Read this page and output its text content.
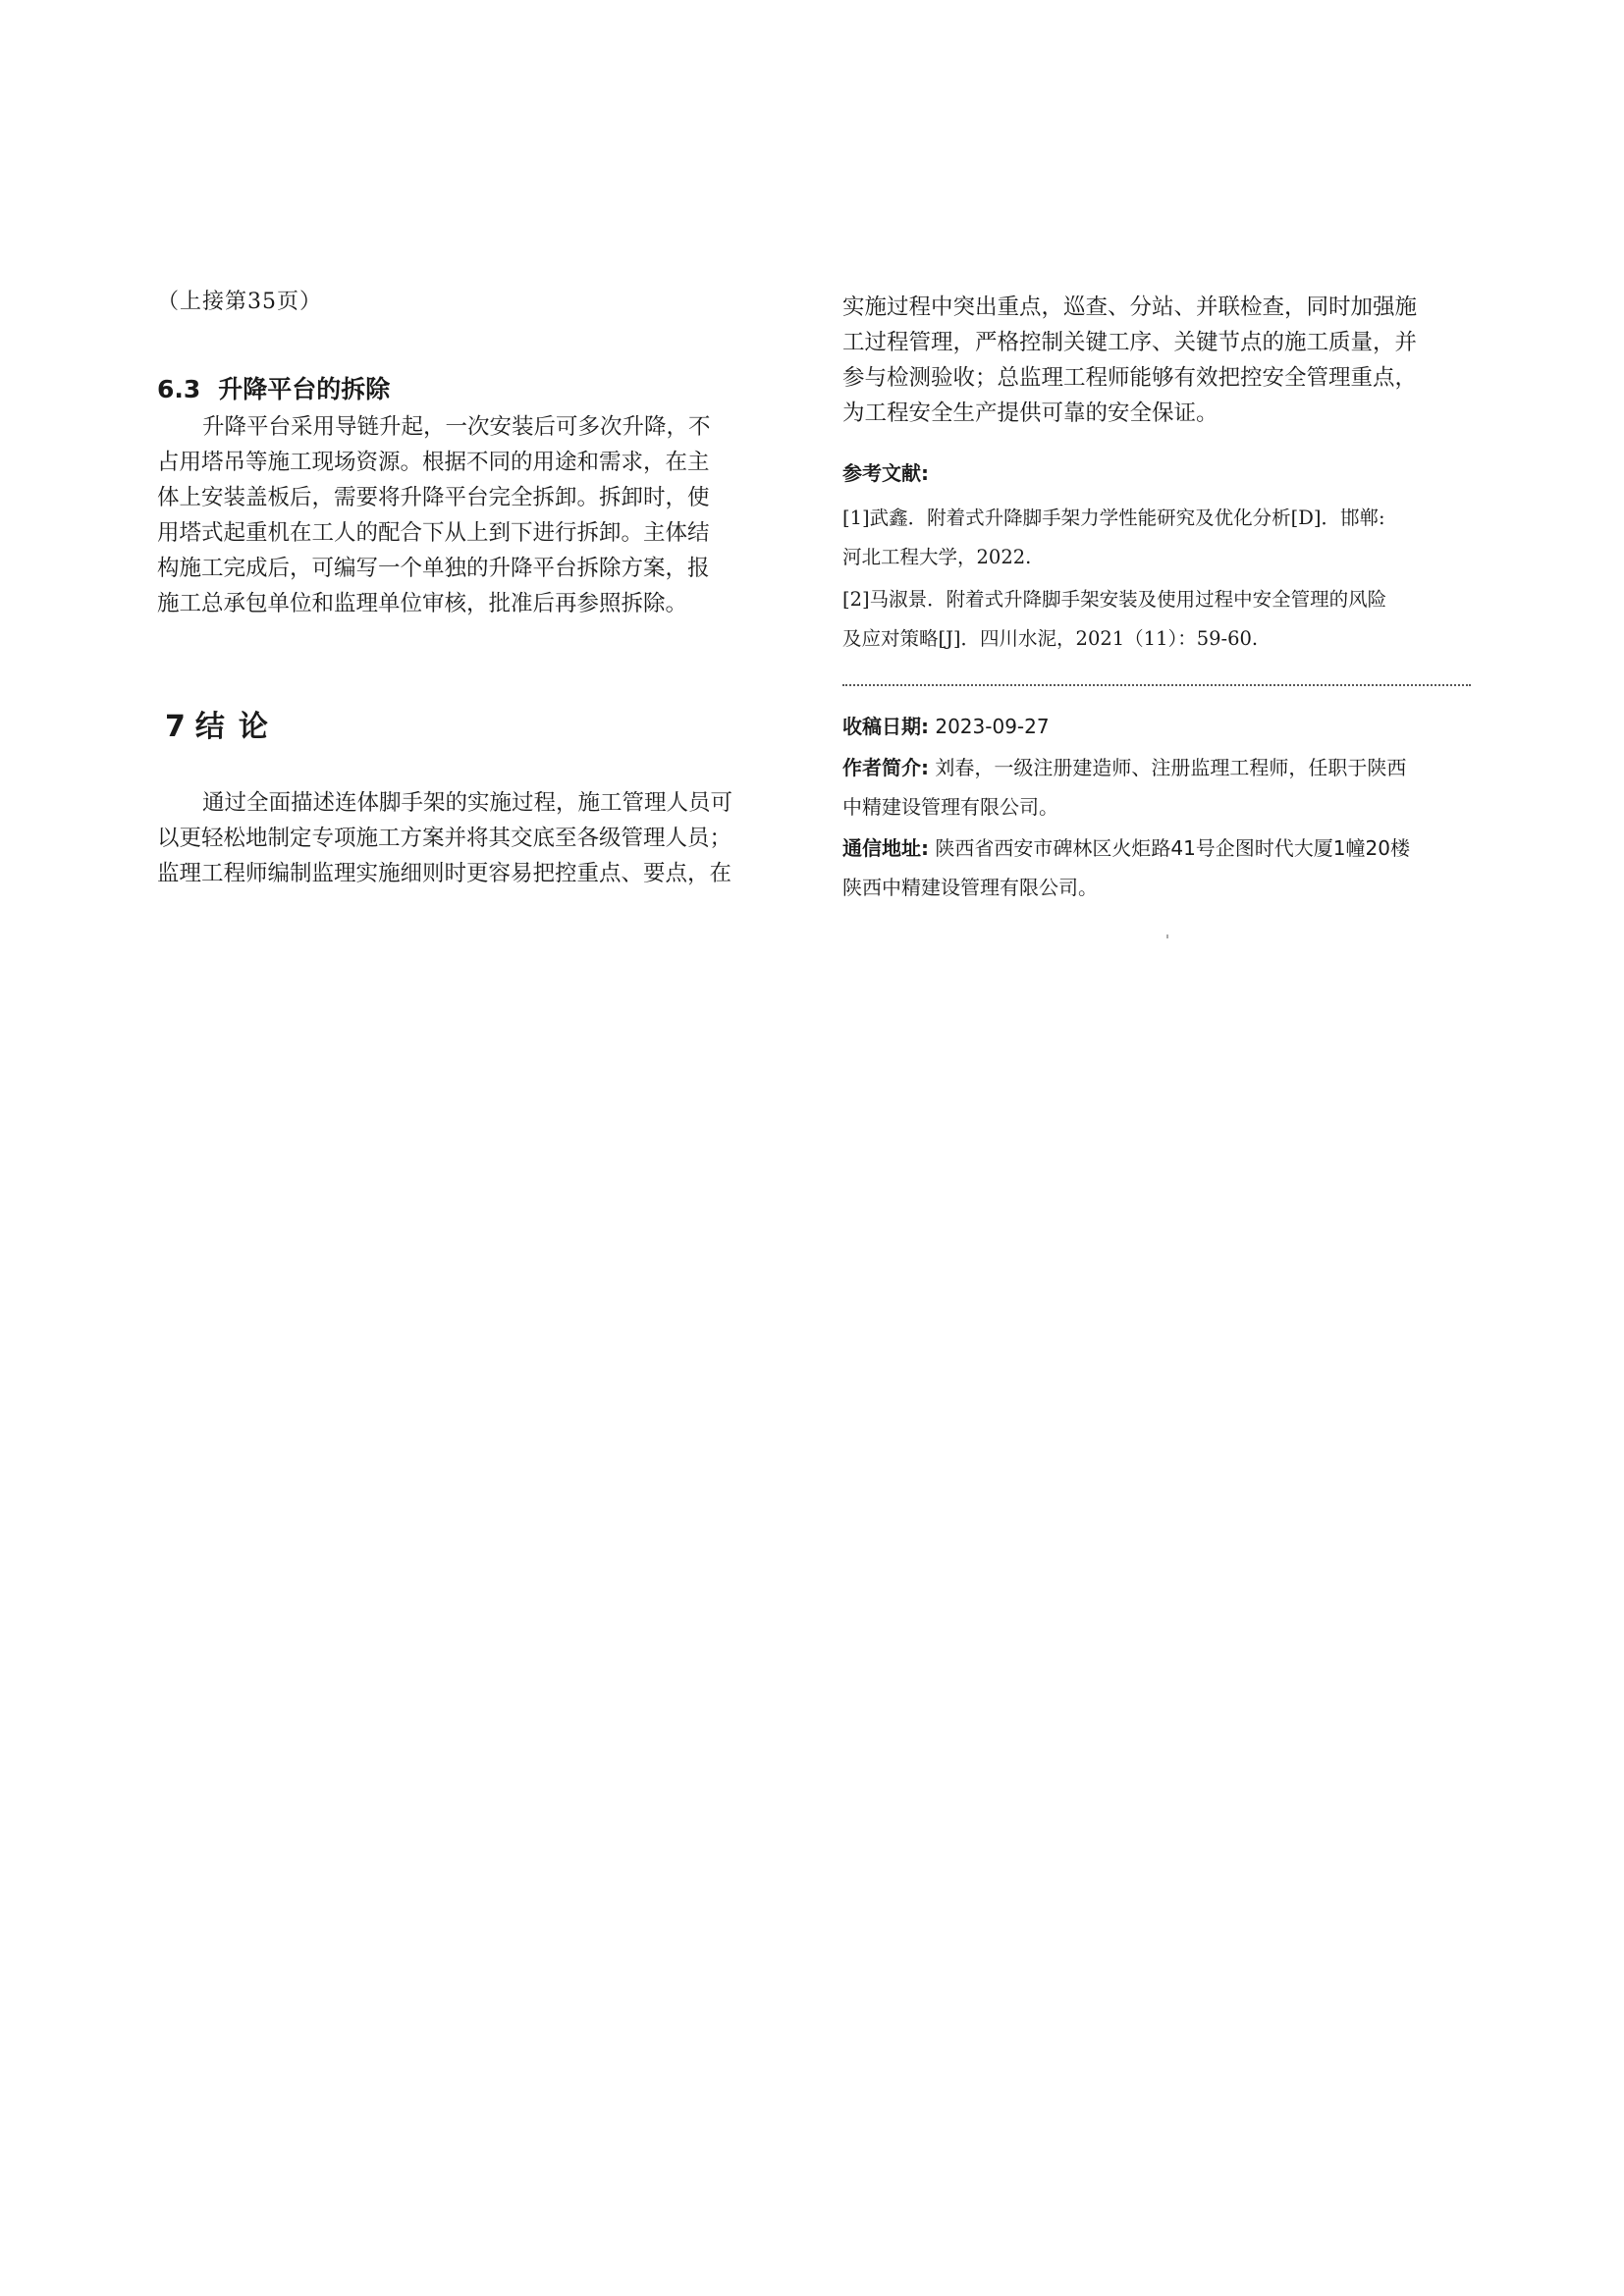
（上接第35页）
6.3 升降平台的拆除

升降平台采用导链升起，一次安装后可多次升降，不
占用塔吊等施工现场资源。根据不同的用途和需求，在主
体上安装盖板后，需要将升降平台完全拆卸。拆卸时，使
用塔式起重机在工人的配合下从上到下进行拆卸。主体结
构施工完成后，可编写一个单独的升降平台拆除方案，报
施工总承包单位和监理单位审核，批准后再参照拆除。

7 结论

通过全面描述连体脚手架的实施过程，施工管理人员可
以更轻松地制定专项施工方案并将其交底至各级管理人员；
监理工程师编制监理实施细则时更容易把控重点、要点，在

实施过程中突出重点，巡查、分站、并联检查，同时加强施
工过程管理，严格控制关键工序、关键节点的施工质量，并
参与检测验收；总监理工程师能够有效把控安全管理重点，
为工程安全生产提供可靠的安全保证。

参考文献:
[1]武鑫．附着式升降脚手架力学性能研究及优化分析[D]．邯郸:
河北工程大学，2022.
[2]马淑景．附着式升降脚手架安装及使用过程中安全管理的风险
及应对策略[J]．四川水泥，2021（11）：59-60.
收稿日期: 2023-09-27
作者简介: 刘春，一级注册建造师、注册监理工程师，任职于陕西
中精建设管理有限公司。
通信地址: 陕西省西安市碑林区火炬路41号企图时代大厦1幢20楼
陕西中精建设管理有限公司。
